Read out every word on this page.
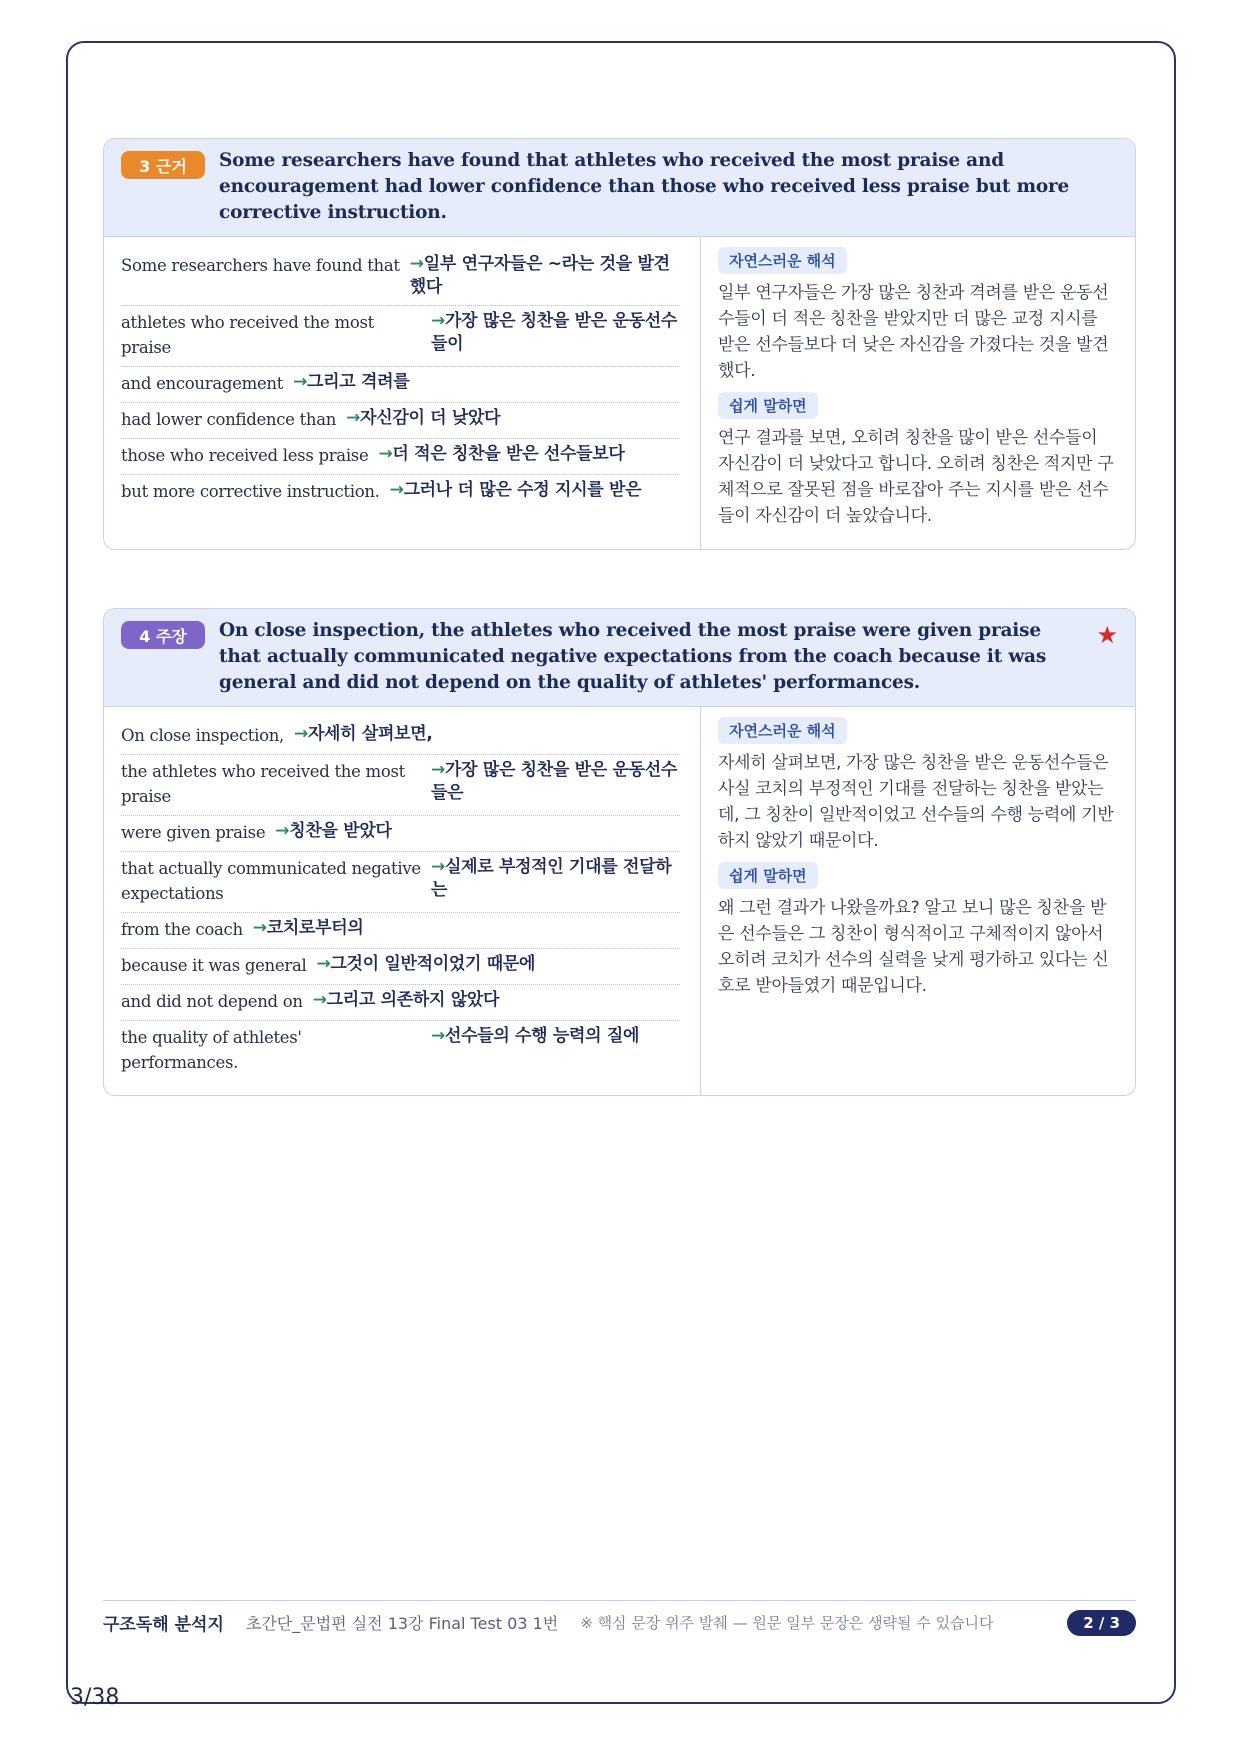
3 근거	Some researchers have found that athletes who received the most praise and encouragement had lower confidence than those who received less praise but more corrective instruction.
Some researchers have found that →일부 연구자들은 ~라는 것을 발견했다
athletes who received the most praise
→가장 많은 칭찬을 받은 운동선수들이
and encouragement →그리고 격려를
had lower confidence than →자신감이 더 낮았다
those who received less praise →더 적은 칭찬을 받은 선수들보다
but more corrective instruction. →그러나 더 많은 수정 지시를 받은
자연스러운 해석

일부 연구자들은 가장 많은 칭찬과 격려를 받은 운동선수들이 더 적은 칭찬을 받았지만 더 많은 교정 지시를 받은 선수들보다 더 낮은 자신감을 가졌다는 것을 발견했다.

쉽게 말하면

연구 결과를 보면, 오히려 칭찬을 많이 받은 선수들이 자신감이 더 낮았다고 합니다. 오히려 칭찬은 적지만 구체적으로 잘못된 점을 바로잡아 주는 지시를 받은 선수들이 자신감이 더 높았습니다.

4 주장	On close inspection, the athletes who received the most praise were given praise that actually communicated negative expectations from the coach because it was general and did not depend on the quality of athletes' performances.
★
On close inspection, →자세히 살펴보면,
the athletes who received the most praise
→가장 많은 칭찬을 받은 운동선수들은
were given praise →칭찬을 받았다
that actually communicated negative expectations
→실제로 부정적인 기대를 전달하는
from the coach →코치로부터의
because it was general →그것이 일반적이었기 때문에
and did not depend on →그리고 의존하지 않았다
the quality of athletes' performances.
→선수들의 수행 능력의 질에
자연스러운 해석

자세히 살펴보면, 가장 많은 칭찬을 받은 운동선수들은 사실 코치의 부정적인 기대를 전달하는 칭찬을 받았는데, 그 칭찬이 일반적이었고 선수들의 수행 능력에 기반하지 않았기 때문이다.

쉽게 말하면

왜 그런 결과가 나왔을까요? 알고 보니 많은 칭찬을 받은 선수들은 그 칭찬이 형식적이고 구체적이지 않아서 오히려 코치가 선수의 실력을 낮게 평가하고 있다는 신호로 받아들였기 때문입니다.

구조독해 분석지 초간단_문법편 실전 13강 Final Test 03 1번 ※ 핵심 문장 위주 발췌 — 원문 일부 문장은 생략될 수 있습니다	2 / 3
3/38
